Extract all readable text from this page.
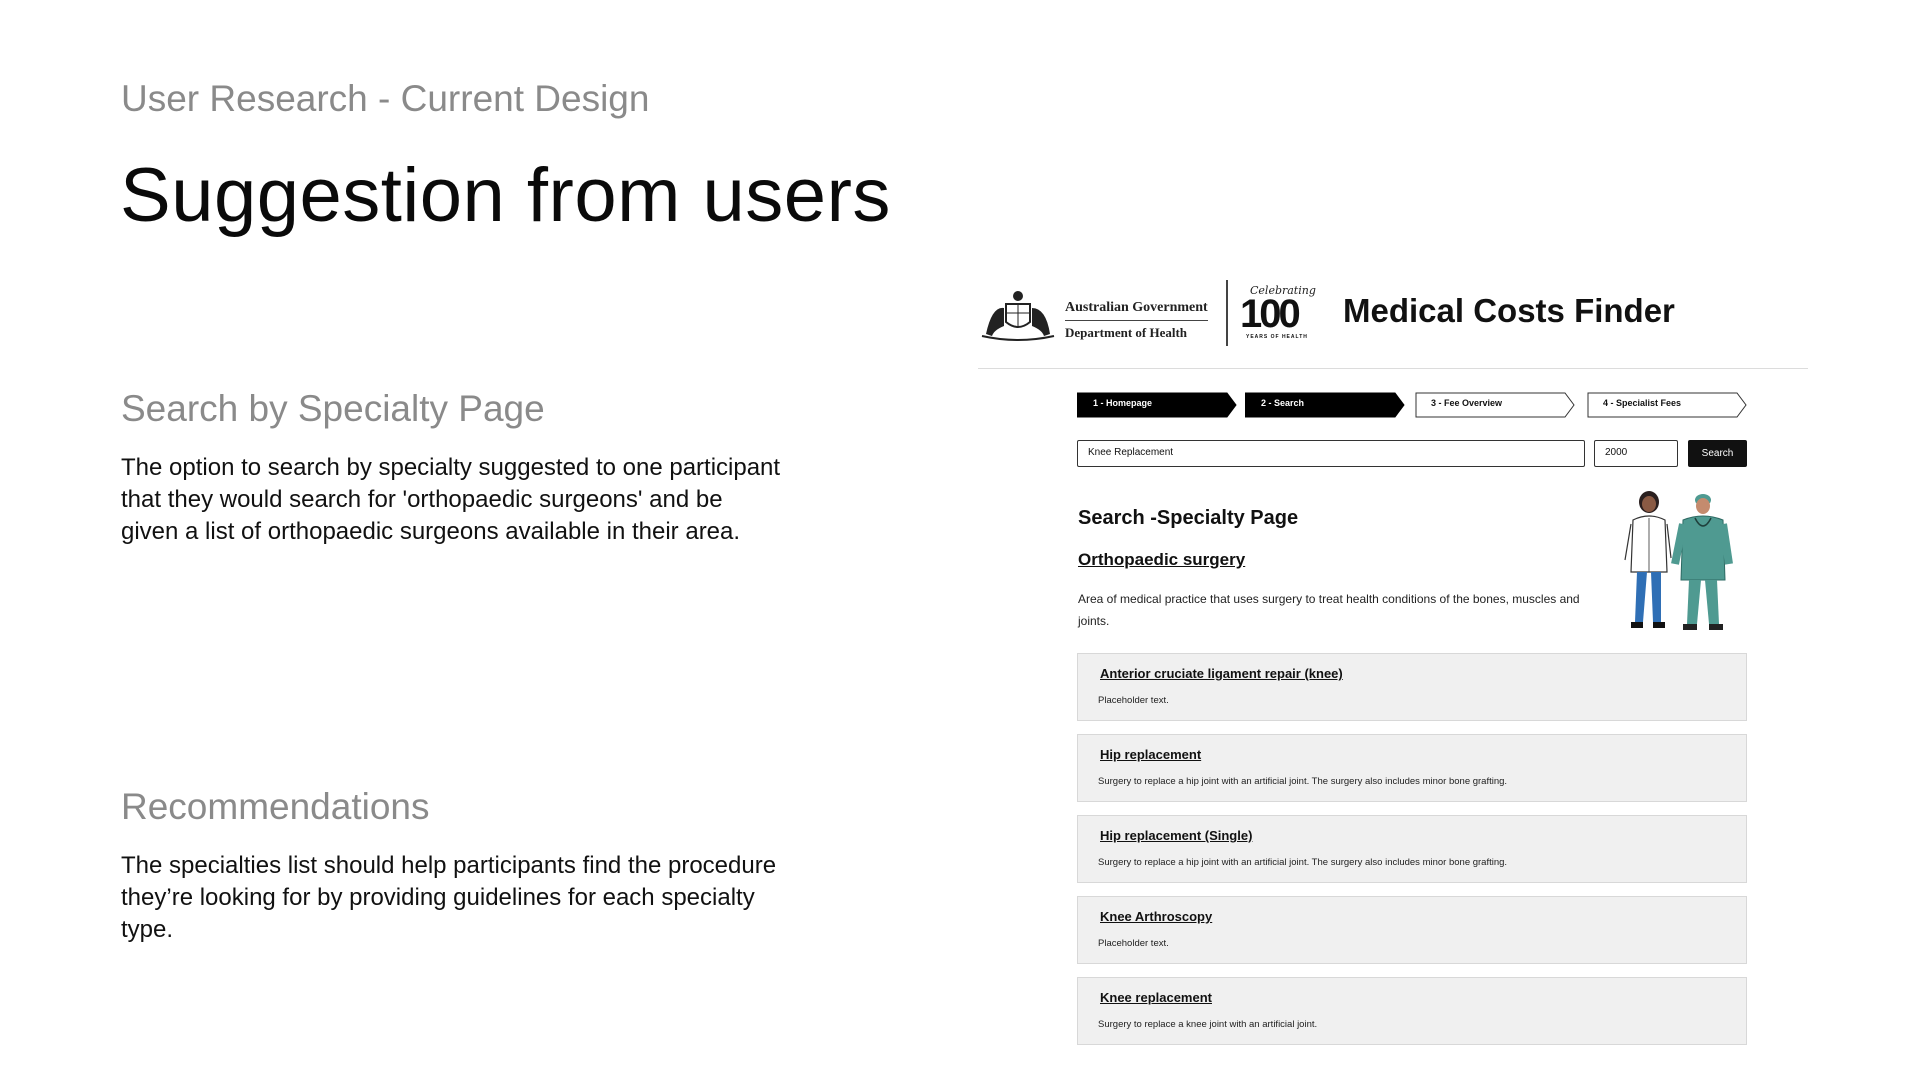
User Research - Current Design
Suggestion from users
Search by Specialty Page
The option to search by specialty suggested to one participant that they would search for 'orthopaedic surgeons' and be given a list of orthopaedic surgeons available in their area.
Recommendations
The specialties list should help participants find the procedure they’re looking for by providing guidelines for each specialty type.
Australian Government
Department of Health
Celebrating
100
YEARS OF HEALTH
Medical Costs Finder
1 - Homepage	2 - Search	3 - Fee Overview	4 - Specialist Fees
Knee Replacement	2000	Search
Search -Specialty Page
Orthopaedic surgery
Area of medical practice that uses surgery to treat health conditions of the bones, muscles and joints.
Anterior cruciate ligament repair (knee)
Placeholder text.
Hip replacement
Surgery to replace a hip joint with an artificial joint. The surgery also includes minor bone grafting.
Hip replacement (Single)
Surgery to replace a hip joint with an artificial joint. The surgery also includes minor bone grafting.
Knee Arthroscopy
Placeholder text.
Knee replacement
Surgery to replace a knee joint with an artificial joint.
